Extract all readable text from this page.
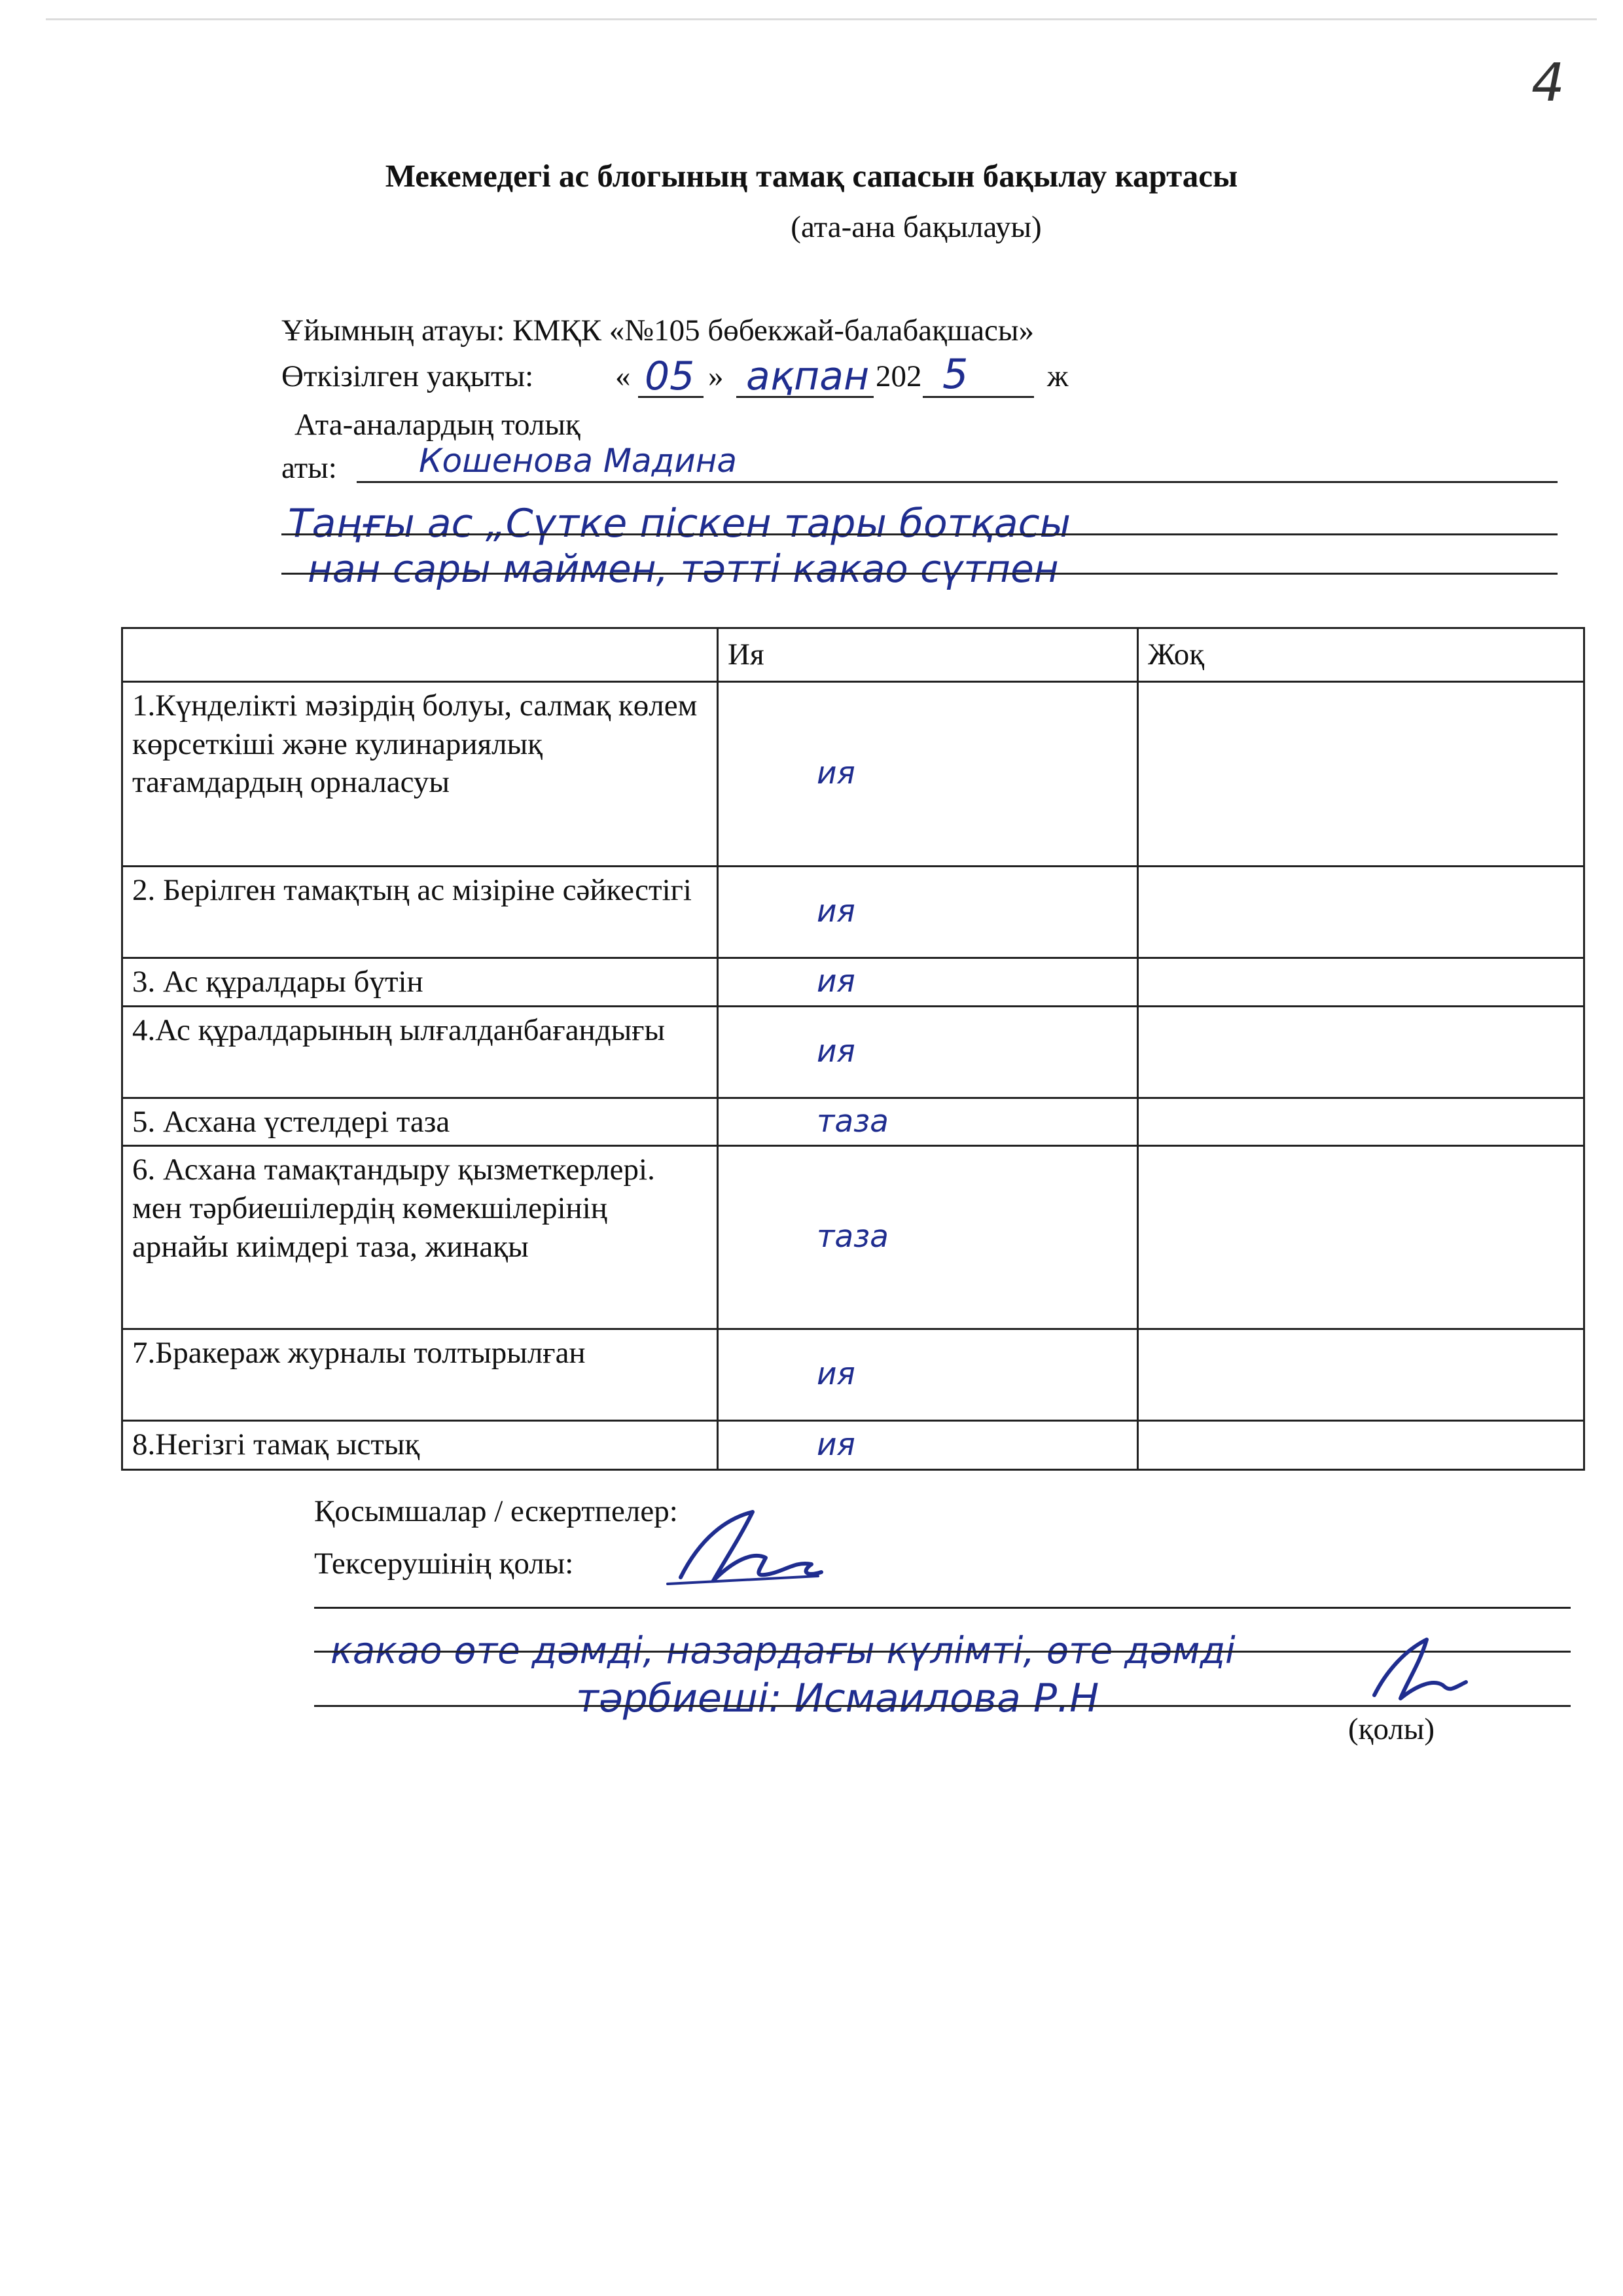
4
Мекемедегі ас блогының тамақ сапасын бақылау картасы
(ата-ана бақылауы)
Ұйымның атауы: КМҚК «№105 бөбекжай-балабақшасы»
Өткізілген уақыты:	« 05 » ақпан 202 5	ж
Ата-аналардың толық
аты:	Кошенова Мадина
Таңғы ас „Сүтке піскен тары ботқасы
нан сары маймен, тәтті какао сүтпен
	Ия	Жоқ
1.Күнделікті мәзірдің болуы, салмақ көлем көрсеткіші және кулинариялық тағамдардың орналасуы	ия	
2. Берілген тамақтың ас мізіріне сәйкестігі	ия	
3. Ас құралдары бүтін	ия	
4.Ас құралдарының ылғалданбағандығы	ия	
5. Асхана үстелдері таза	таза	
6. Асхана тамақтандыру қызметкерлері. мен тәрбиешілердің көмекшілерінің арнайы киімдері таза, жинақы	таза	
7.Бракераж журналы толтырылған	ия	
8.Негізгі тамақ ыстық	ия	
Қосымшалар / ескертпелер:
Тексерушінің қолы:
какао өте дәмді, назардағы күлімті, өте дәмді
тәрбиеші: Исмаилова Р.Н
(қолы)
